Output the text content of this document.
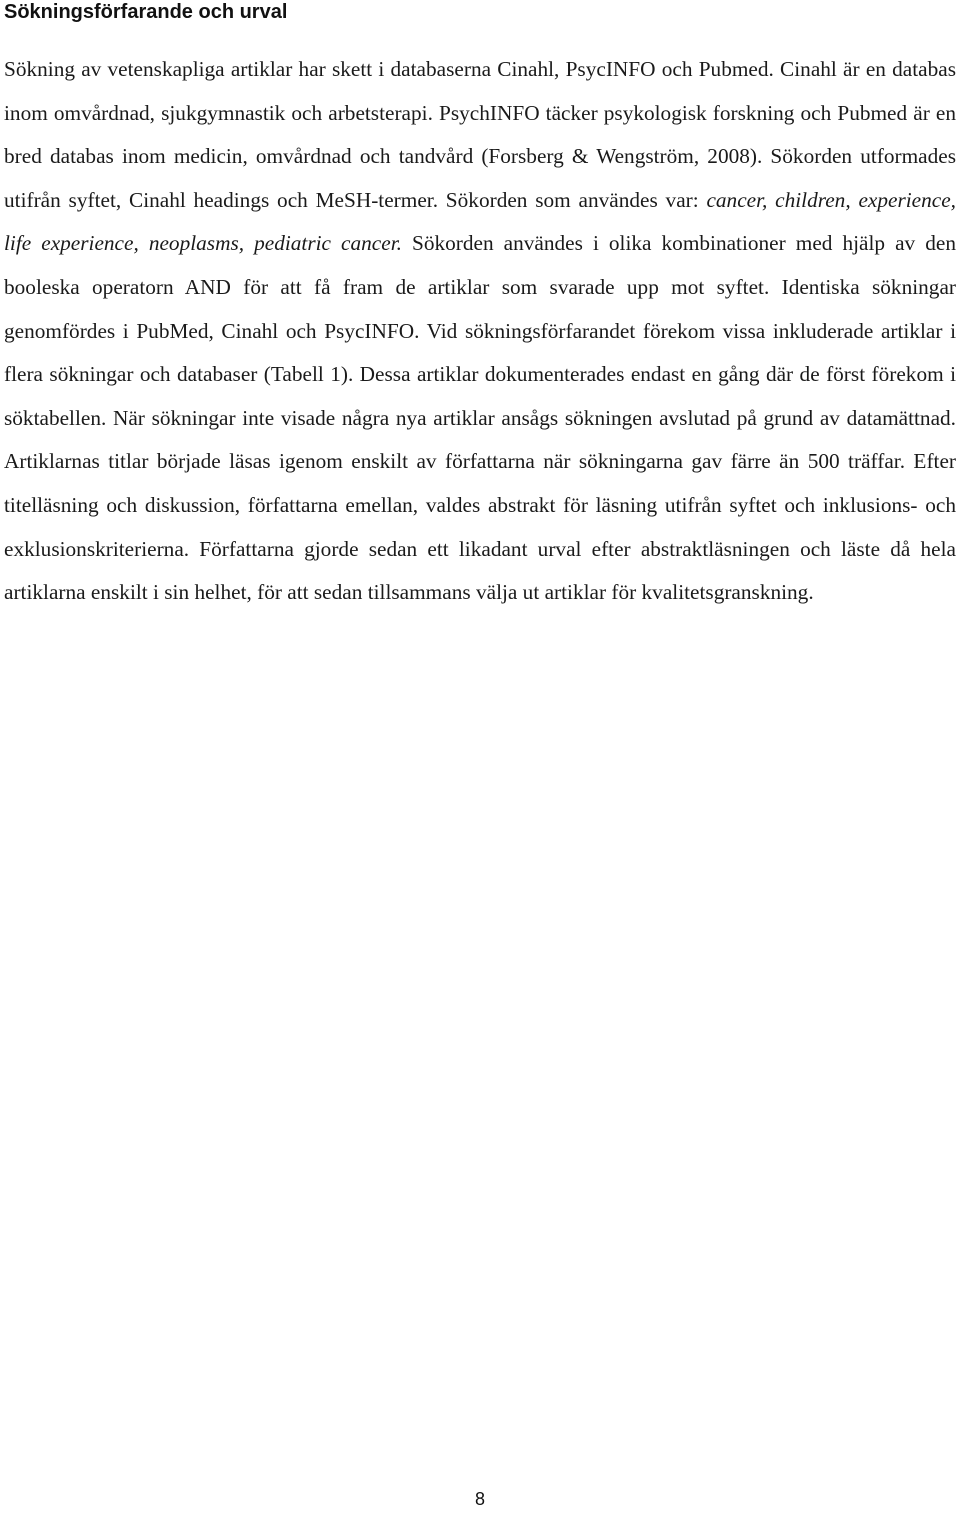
Sökningsförfarande och urval

Sökning av vetenskapliga artiklar har skett i databaserna Cinahl, PsycINFO och Pubmed. Cinahl är en databas inom omvårdnad, sjukgymnastik och arbetsterapi. PsychINFO täcker psykologisk forskning och Pubmed är en bred databas inom medicin, omvårdnad och tandvård (Forsberg & Wengström, 2008). Sökorden utformades utifrån syftet, Cinahl headings och MeSH-termer. Sökorden som användes var: cancer, children, experience, life experience, neoplasms, pediatric cancer. Sökorden användes i olika kombinationer med hjälp av den booleska operatorn AND för att få fram de artiklar som svarade upp mot syftet. Identiska sökningar genomfördes i PubMed, Cinahl och PsycINFO. Vid sökningsförfarandet förekom vissa inkluderade artiklar i flera sökningar och databaser (Tabell 1). Dessa artiklar dokumenterades endast en gång där de först förekom i söktabellen. När sökningar inte visade några nya artiklar ansågs sökningen avslutad på grund av datamättnad. Artiklarnas titlar började läsas igenom enskilt av författarna när sökningarna gav färre än 500 träffar. Efter titelläsning och diskussion, författarna emellan, valdes abstrakt för läsning utifrån syftet och inklusions- och exklusionskriterierna. Författarna gjorde sedan ett likadant urval efter abstraktläsningen och läste då hela artiklarna enskilt i sin helhet, för att sedan tillsammans välja ut artiklar för kvalitetsgranskning.

8
